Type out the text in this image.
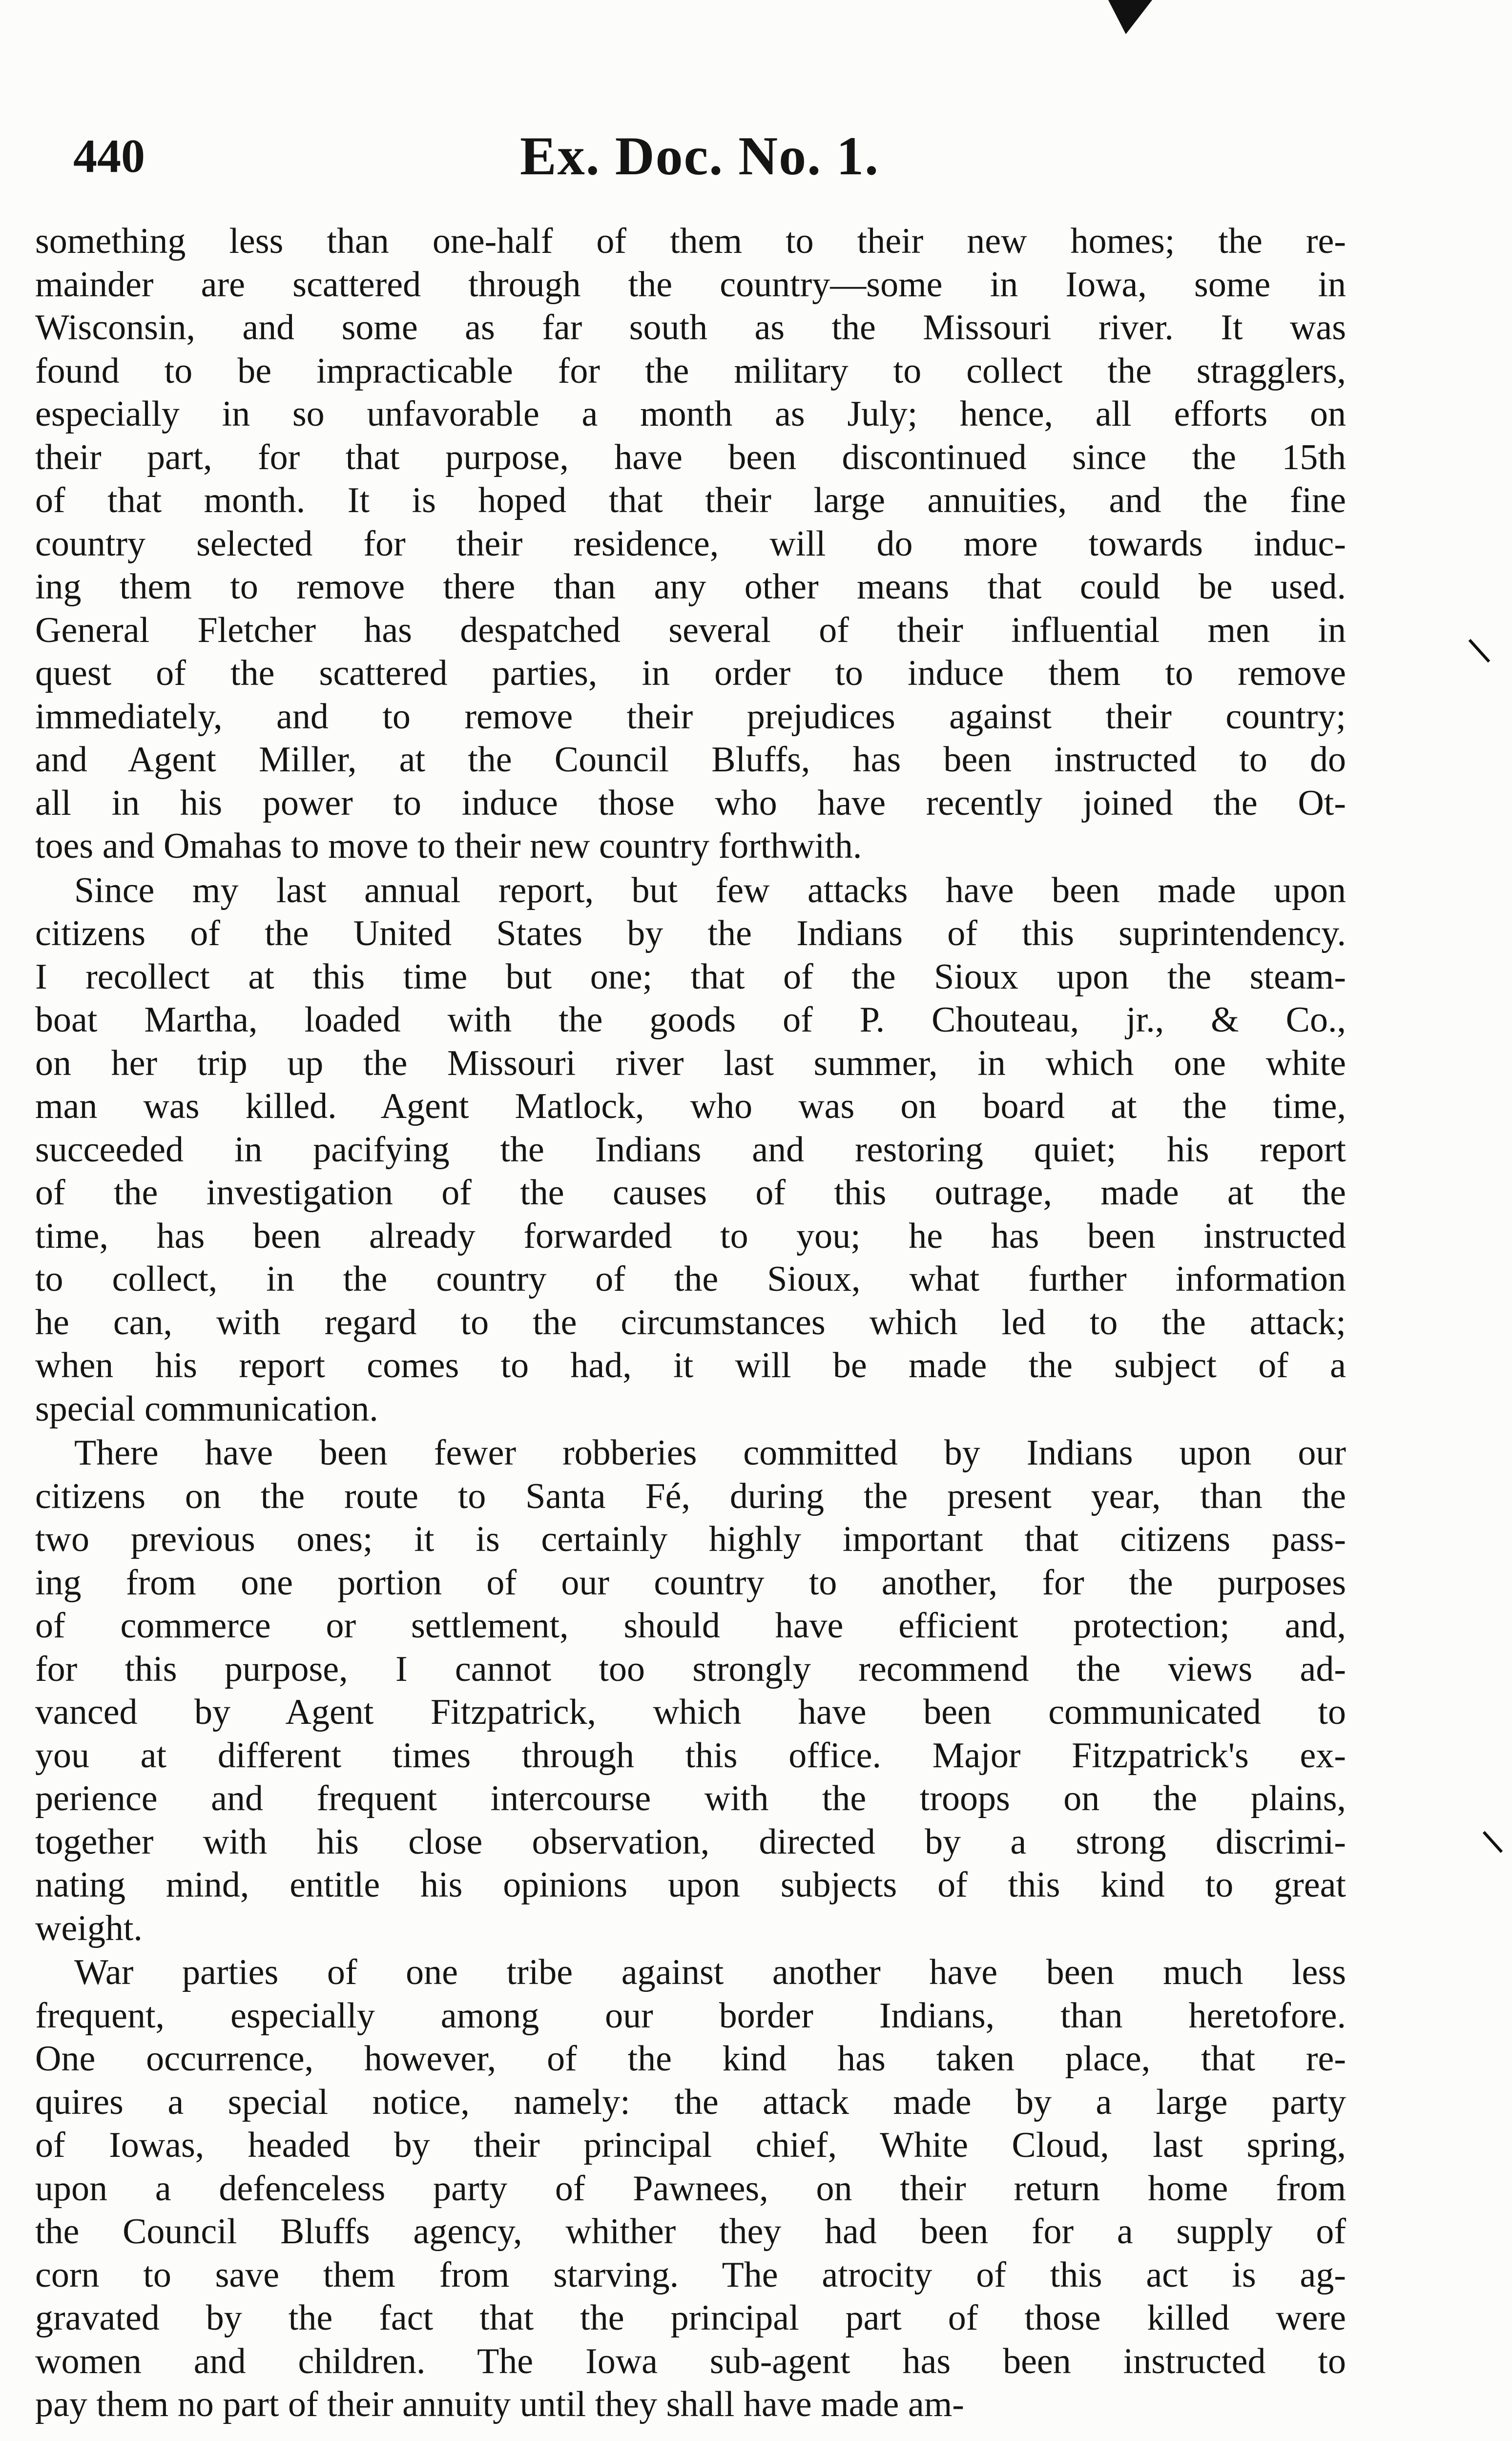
440	Ex. Doc. No. 1.
something less than one-half of them to their new homes; the re-
mainder are scattered through the country—some in Iowa, some in
Wisconsin, and some as far south as the Missouri river. It was
found to be impracticable for the military to collect the stragglers,
especially in so unfavorable a month as July; hence, all efforts on
their part, for that purpose, have been discontinued since the 15th
of that month. It is hoped that their large annuities, and the fine
country selected for their residence, will do more towards induc-
ing them to remove there than any other means that could be used.
General Fletcher has despatched several of their influential men in
quest of the scattered parties, in order to induce them to remove
immediately, and to remove their prejudices against their country;
and Agent Miller, at the Council Bluffs, has been instructed to do
all in his power to induce those who have recently joined the Ot-
toes and Omahas to move to their new country forthwith.
Since my last annual report, but few attacks have been made upon
citizens of the United States by the Indians of this suprintendency.
I recollect at this time but one; that of the Sioux upon the steam-
boat Martha, loaded with the goods of P. Chouteau, jr., & Co.,
on her trip up the Missouri river last summer, in which one white
man was killed. Agent Matlock, who was on board at the time,
succeeded in pacifying the Indians and restoring quiet; his report
of the investigation of the causes of this outrage, made at the
time, has been already forwarded to you; he has been instructed
to collect, in the country of the Sioux, what further information
he can, with regard to the circumstances which led to the attack;
when his report comes to had, it will be made the subject of a
special communication.
There have been fewer robberies committed by Indians upon our
citizens on the route to Santa Fé, during the present year, than the
two previous ones; it is certainly highly important that citizens pass-
ing from one portion of our country to another, for the purposes
of commerce or settlement, should have efficient protection; and,
for this purpose, I cannot too strongly recommend the views ad-
vanced by Agent Fitzpatrick, which have been communicated to
you at different times through this office. Major Fitzpatrick's ex-
perience and frequent intercourse with the troops on the plains,
together with his close observation, directed by a strong discrimi-
nating mind, entitle his opinions upon subjects of this kind to great
weight.
War parties of one tribe against another have been much less
frequent, especially among our border Indians, than heretofore.
One occurrence, however, of the kind has taken place, that re-
quires a special notice, namely: the attack made by a large party
of Iowas, headed by their principal chief, White Cloud, last spring,
upon a defenceless party of Pawnees, on their return home from
the Council Bluffs agency, whither they had been for a supply of
corn to save them from starving. The atrocity of this act is ag-
gravated by the fact that the principal part of those killed were
women and children. The Iowa sub-agent has been instructed to
pay them no part of their annuity until they shall have made am-
